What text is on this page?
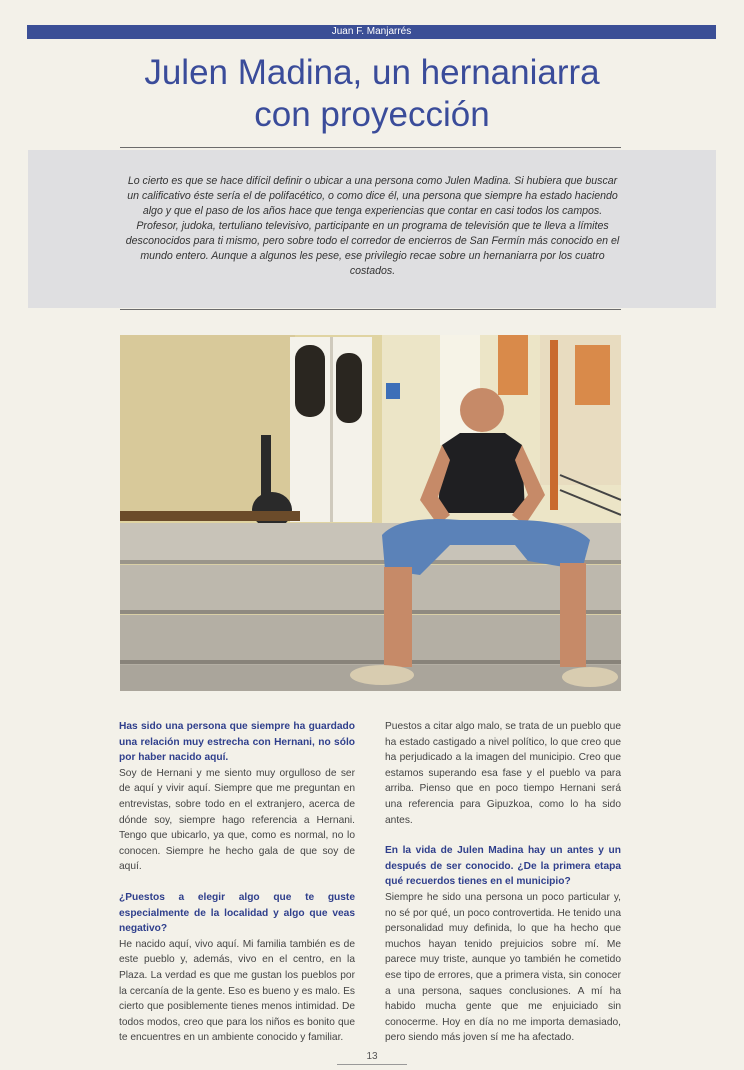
Juan F. Manjarrés
Julen Madina, un hernaniarra
con proyección

Lo cierto es que se hace difícil definir o ubicar a una persona como Julen Madina. Si hubiera que buscar un calificativo éste sería el de polifacético, o como dice él, una persona que siempre ha estado haciendo algo y que el paso de los años hace que tenga experiencias que contar en casi todos los campos. Profesor, judoka, tertuliano televisivo, participante en un programa de televisión que te lleva a límites desconocidos para ti mismo, pero sobre todo el corredor de encierros de San Fermín más conocido en el mundo entero. Aunque a algunos les pese, ese privilegio recae sobre un hernaniarra por los cuatro costados.

Has sido una persona que siempre ha guardado una relación muy estrecha con Hernani, no sólo por haber nacido aquí.

Soy de Hernani y me siento muy orgulloso de ser de aquí y vivir aquí. Siempre que me preguntan en entrevistas, sobre todo en el extranjero, acerca de dónde soy, siempre hago referencia a Hernani. Tengo que ubicarlo, ya que, como es normal, no lo conocen. Siempre he hecho gala de que soy de aquí.

¿Puestos a elegir algo que te guste especialmente de la localidad y algo que veas negativo?

He nacido aquí, vivo aquí. Mi familia también es de este pueblo y, además, vivo en el centro, en la Plaza. La verdad es que me gustan los pueblos por la cercanía de la gente. Eso es bueno y es malo. Es cierto que posiblemente tienes menos intimidad. De todos modos, creo que para los niños es bonito que te encuentres en un ambiente conocido y familiar.

Puestos a citar algo malo, se trata de un pueblo que ha estado castigado a nivel político, lo que creo que ha perjudicado a la imagen del municipio. Creo que estamos superando esa fase y el pueblo va para arriba. Pienso que en poco tiempo Hernani será una referencia para Gipuzkoa, como lo ha sido antes.

En la vida de Julen Madina hay un antes y un después de ser conocido. ¿De la primera etapa qué recuerdos tienes en el municipio?

Siempre he sido una persona un poco particular y, no sé por qué, un poco controvertida. He tenido una personalidad muy definida, lo que ha hecho que muchos hayan tenido prejuicios sobre mí. Me parece muy triste, aunque yo también he cometido ese tipo de errores, que a primera vista, sin conocer a una persona, saques conclusiones. A mí ha habido mucha gente que me enjuiciado sin conocerme. Hoy en día no me importa demasiado, pero siendo más joven sí me ha afectado.

13
